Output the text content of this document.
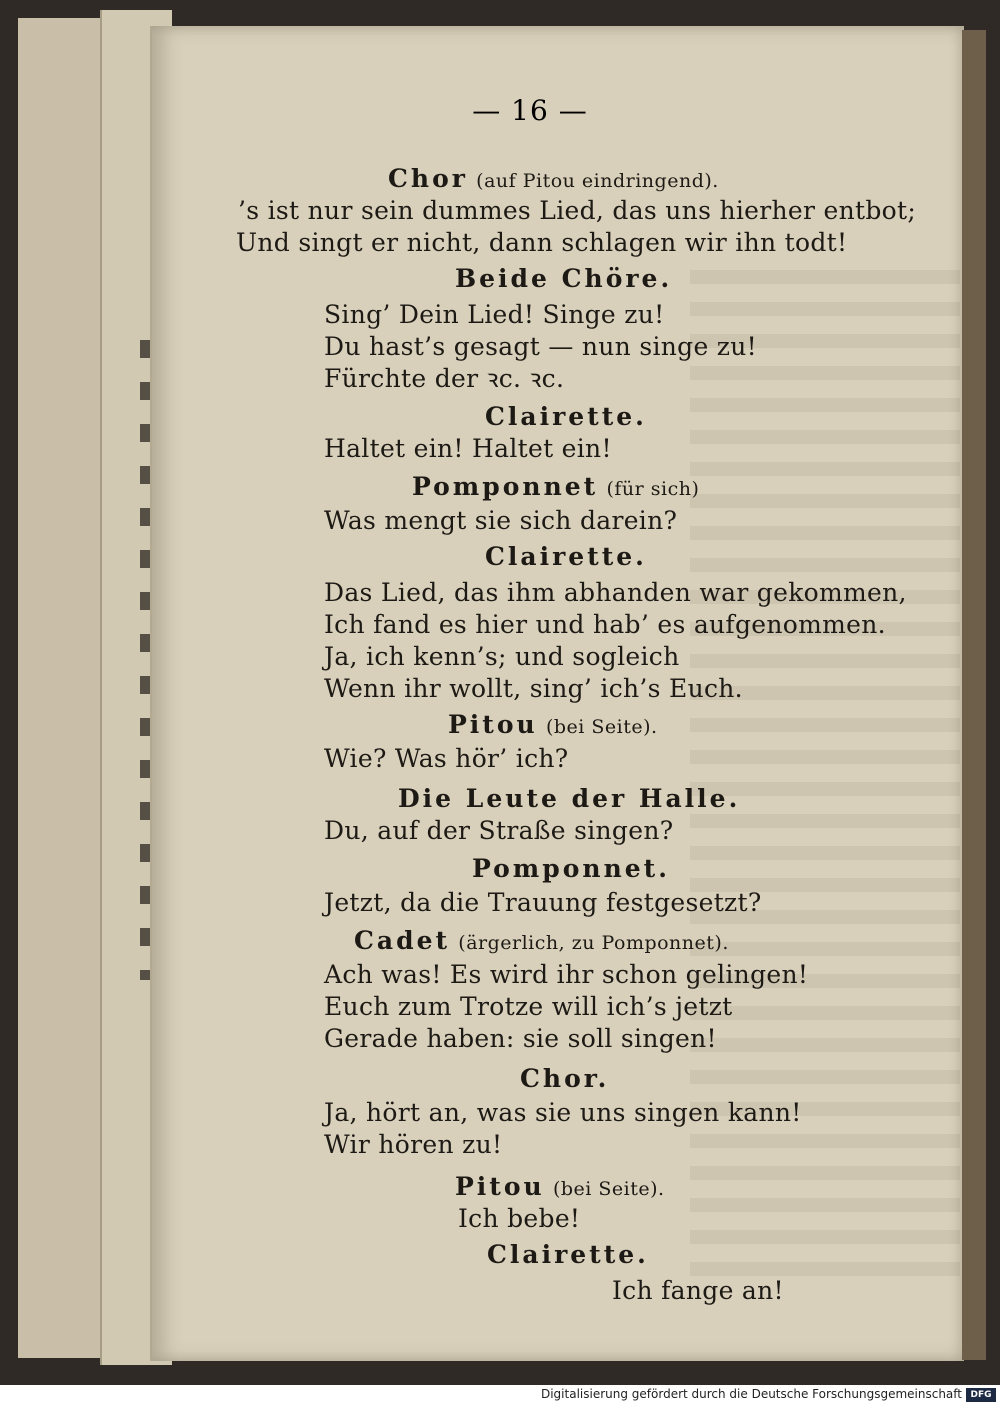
— 16 —
Chor (auf Pitou eindringend).
’s ist nur sein dummes Lied, das uns hierher entbot;
Und singt er nicht, dann schlagen wir ihn todt!
Beide Chöre.
Sing’ Dein Lied! Singe zu!
Du hast’s gesagt — nun singe zu!
Fürchte der ꝛc. ꝛc.
Clairette.
Haltet ein! Haltet ein!
Pomponnet (für sich)
Was mengt sie sich darein?
Clairette.
Das Lied, das ihm abhanden war gekommen,
Ich fand es hier und hab’ es aufgenommen.
Ja, ich kenn’s; und sogleich
Wenn ihr wollt, sing’ ich’s Euch.
Pitou (bei Seite).
Wie? Was hör’ ich?
Die Leute der Halle.
Du, auf der Straße singen?
Pomponnet.
Jetzt, da die Trauung festgesetzt?
Cadet (ärgerlich, zu Pomponnet).
Ach was! Es wird ihr schon gelingen!
Euch zum Trotze will ich’s jetzt
Gerade haben: sie soll singen!
Chor.
Ja, hört an, was sie uns singen kann!
Wir hören zu!
Pitou (bei Seite).
Ich bebe!
Clairette.
Ich fange an!
Digitalisierung gefördert durch die Deutsche Forschungsgemeinschaft DFG
